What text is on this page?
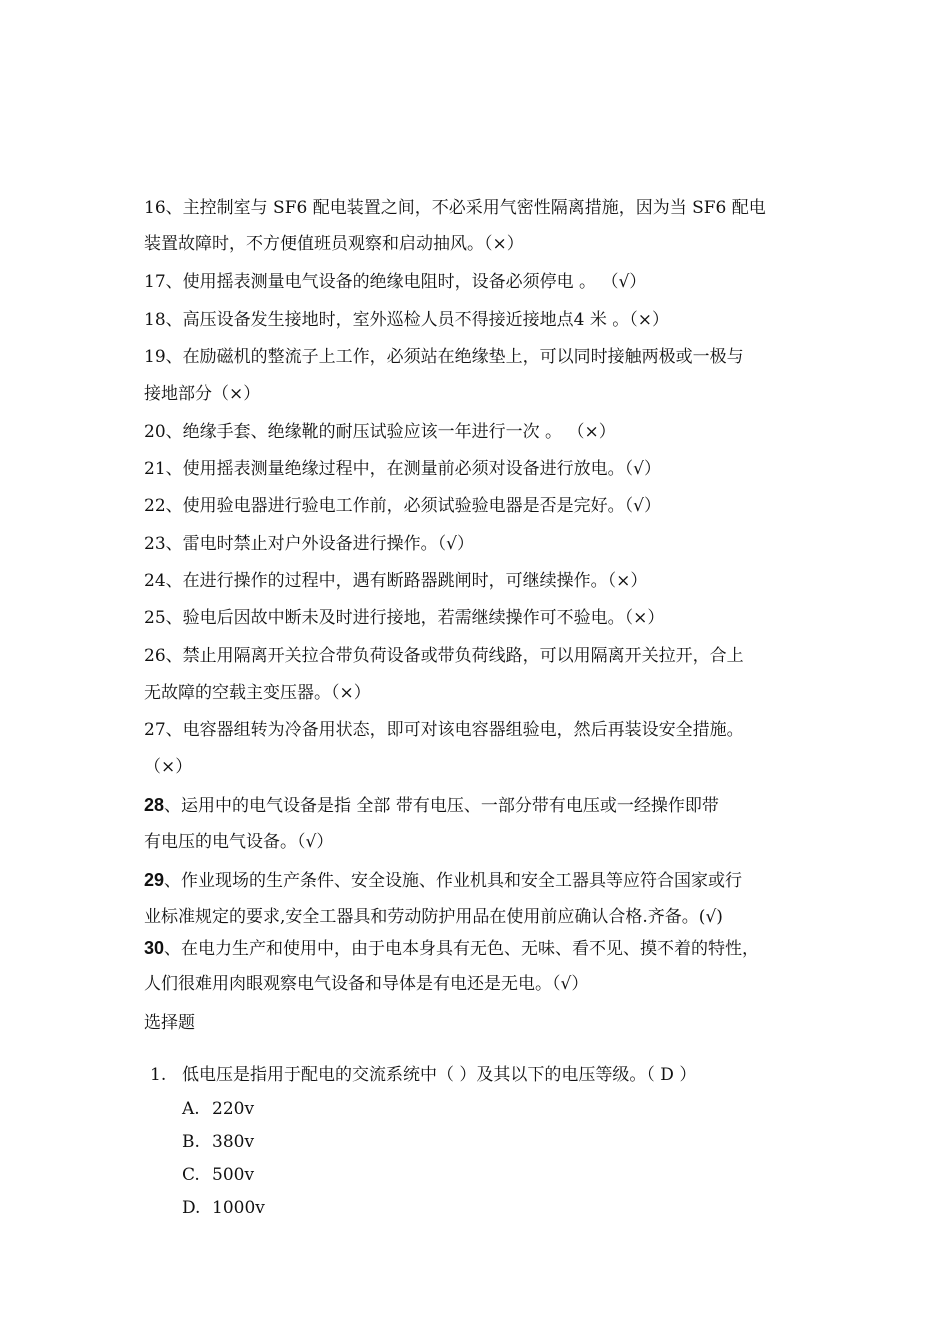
16、主控制室与 SF6 配电装置之间，不必采用气密性隔离措施，因为当 SF6 配电
装置故障时，不方便值班员观察和启动抽风。（×）
17、使用摇表测量电气设备的绝缘电阻时，设备必须停电 。 （√）
18、高压设备发生接地时，室外巡检人员不得接近接地点4 米 。（×）
19、在励磁机的整流子上工作，必须站在绝缘垫上，可以同时接触两极或一极与
接地部分（×）
20、绝缘手套、绝缘靴的耐压试验应该一年进行一次 。 （×）
21、使用摇表测量绝缘过程中，在测量前必须对设备进行放电。（√）
22、使用验电器进行验电工作前，必须试验验电器是否是完好。（√）
23、雷电时禁止对户外设备进行操作。（√）
24、在进行操作的过程中，遇有断路器跳闸时，可继续操作。（×）
25、验电后因故中断未及时进行接地，若需继续操作可不验电。（×）
26、禁止用隔离开关拉合带负荷设备或带负荷线路，可以用隔离开关拉开，合上
无故障的空载主变压器。（×）
27、电容器组转为冷备用状态，即可对该电容器组验电，然后再装设安全措施。
（×）
28、运用中的电气设备是指 全部 带有电压、一部分带有电压或一经操作即带
有电压的电气设备。（√）
29、作业现场的生产条件、安全设施、作业机具和安全工器具等应符合国家或行
业标准规定的要求,安全工器具和劳动防护用品在使用前应确认合格.齐备。(√)
30、在电力生产和使用中，由于电本身具有无色、无味、看不见、摸不着的特性，
人们很难用肉眼观察电气设备和导体是有电还是无电。（√）
选择题
1. 低电压是指用于配电的交流系统中（ ）及其以下的电压等级。（ D ）
A. 220v
B. 380v
C. 500v
D. 1000v
